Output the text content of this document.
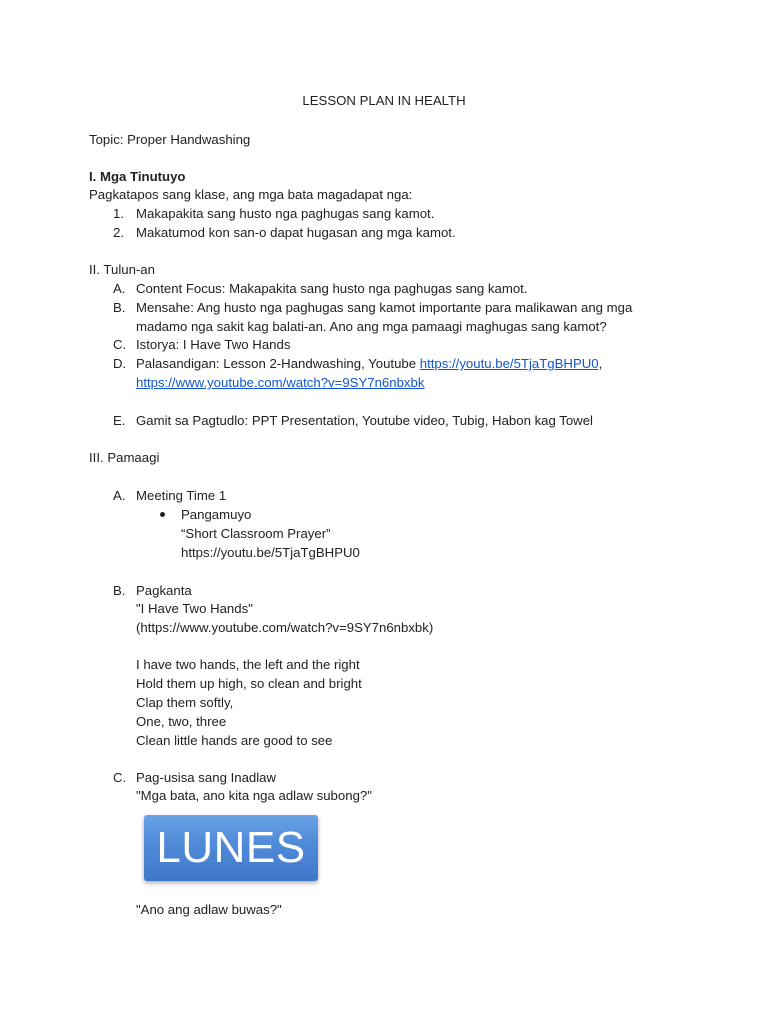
LESSON PLAN IN HEALTH
Topic: Proper Handwashing
I. Mga Tinutuyo
Pagkatapos sang klase, ang mga bata magadapat nga:
1. Makapakita sang husto nga paghugas sang kamot.
2. Makatumod kon san-o dapat hugasan ang mga kamot.
II. Tulun-an
A. Content Focus: Makapakita sang husto nga paghugas sang kamot.
B. Mensahe: Ang husto nga paghugas sang kamot importante para malikawan ang mga
madamo nga sakit kag balati-an. Ano ang mga pamaagi maghugas sang kamot?
C. Istorya: I Have Two Hands
D. Palasandigan: Lesson 2-Handwashing, Youtube https://youtu.be/5TjaTgBHPU0,
https://www.youtube.com/watch?v=9SY7n6nbxbk
E. Gamit sa Pagtudlo: PPT Presentation, Youtube video, Tubig, Habon kag Towel
III. Pamaagi
A. Meeting Time 1
Pangamuyo
“Short Classroom Prayer”
https://youtu.be/5TjaTgBHPU0
B. Pagkanta
"I Have Two Hands"
(https://www.youtube.com/watch?v=9SY7n6nbxbk)
I have two hands, the left and the right
Hold them up high, so clean and bright
Clap them softly,
One, two, three
Clean little hands are good to see
C. Pag-usisa sang Inadlaw
"Mga bata, ano kita nga adlaw subong?"
LUNES
"Ano ang adlaw buwas?"
